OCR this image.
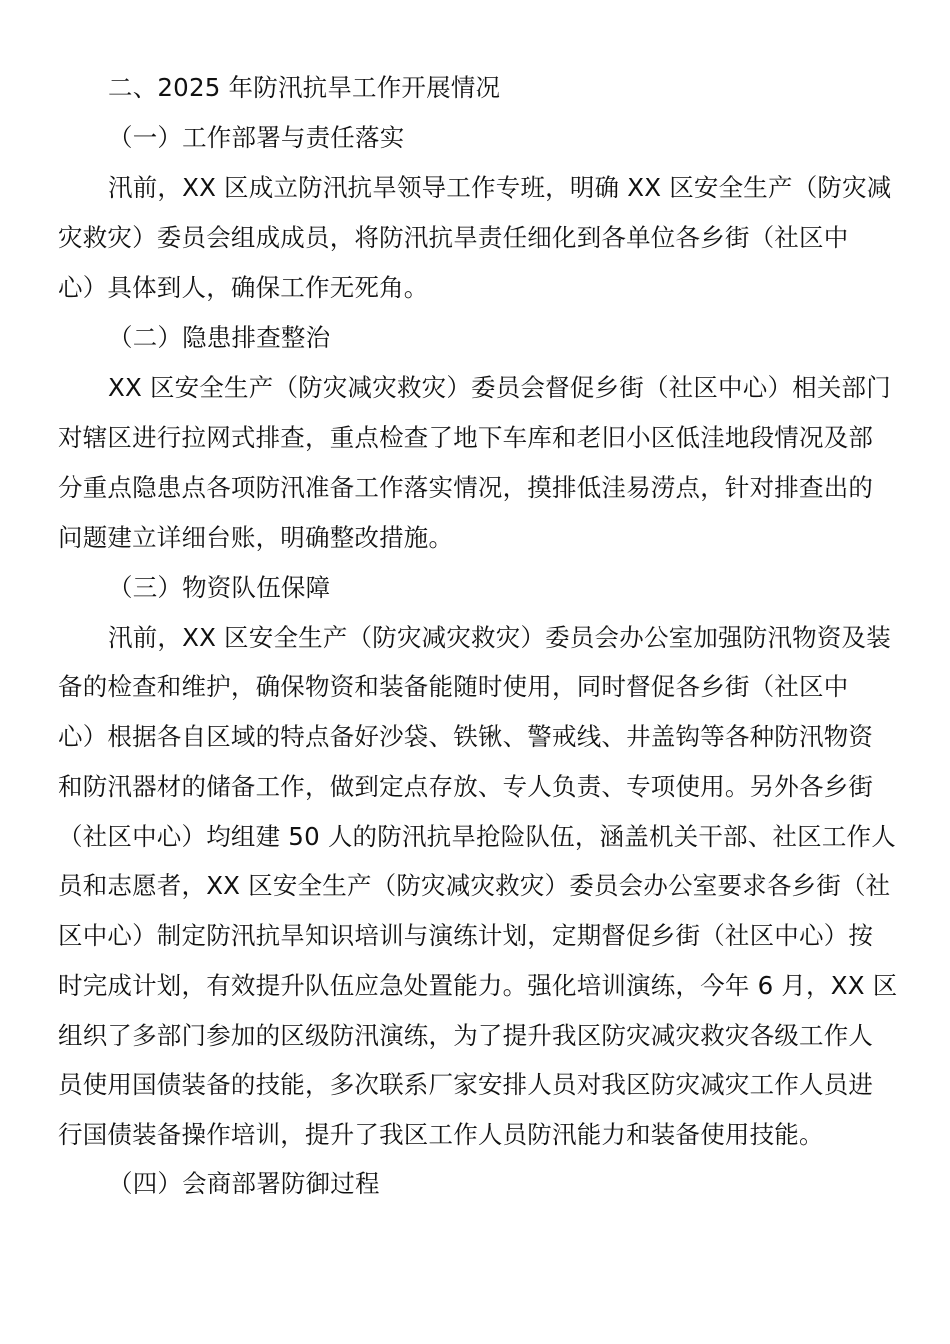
二、2025 年防汛抗旱工作开展情况
（一）工作部署与责任落实
汛前，XX 区成立防汛抗旱领导工作专班，明确 XX 区安全生产（防灾减
灾救灾）委员会组成成员，将防汛抗旱责任细化到各单位各乡街（社区中
心）具体到人，确保工作无死角。
（二）隐患排查整治
XX 区安全生产（防灾减灾救灾）委员会督促乡街（社区中心）相关部门
对辖区进行拉网式排查，重点检查了地下车库和老旧小区低洼地段情况及部
分重点隐患点各项防汛准备工作落实情况，摸排低洼易涝点，针对排查出的
问题建立详细台账，明确整改措施。
（三）物资队伍保障
汛前，XX 区安全生产（防灾减灾救灾）委员会办公室加强防汛物资及装
备的检查和维护，确保物资和装备能随时使用，同时督促各乡街（社区中
心）根据各自区域的特点备好沙袋、铁锹、警戒线、井盖钩等各种防汛物资
和防汛器材的储备工作，做到定点存放、专人负责、专项使用。另外各乡街
（社区中心）均组建 50 人的防汛抗旱抢险队伍，涵盖机关干部、社区工作人
员和志愿者，XX 区安全生产（防灾减灾救灾）委员会办公室要求各乡街（社
区中心）制定防汛抗旱知识培训与演练计划，定期督促乡街（社区中心）按
时完成计划，有效提升队伍应急处置能力。强化培训演练，今年 6 月，XX 区
组织了多部门参加的区级防汛演练，为了提升我区防灾减灾救灾各级工作人
员使用国债装备的技能，多次联系厂家安排人员对我区防灾减灾工作人员进
行国债装备操作培训，提升了我区工作人员防汛能力和装备使用技能。
（四）会商部署防御过程
